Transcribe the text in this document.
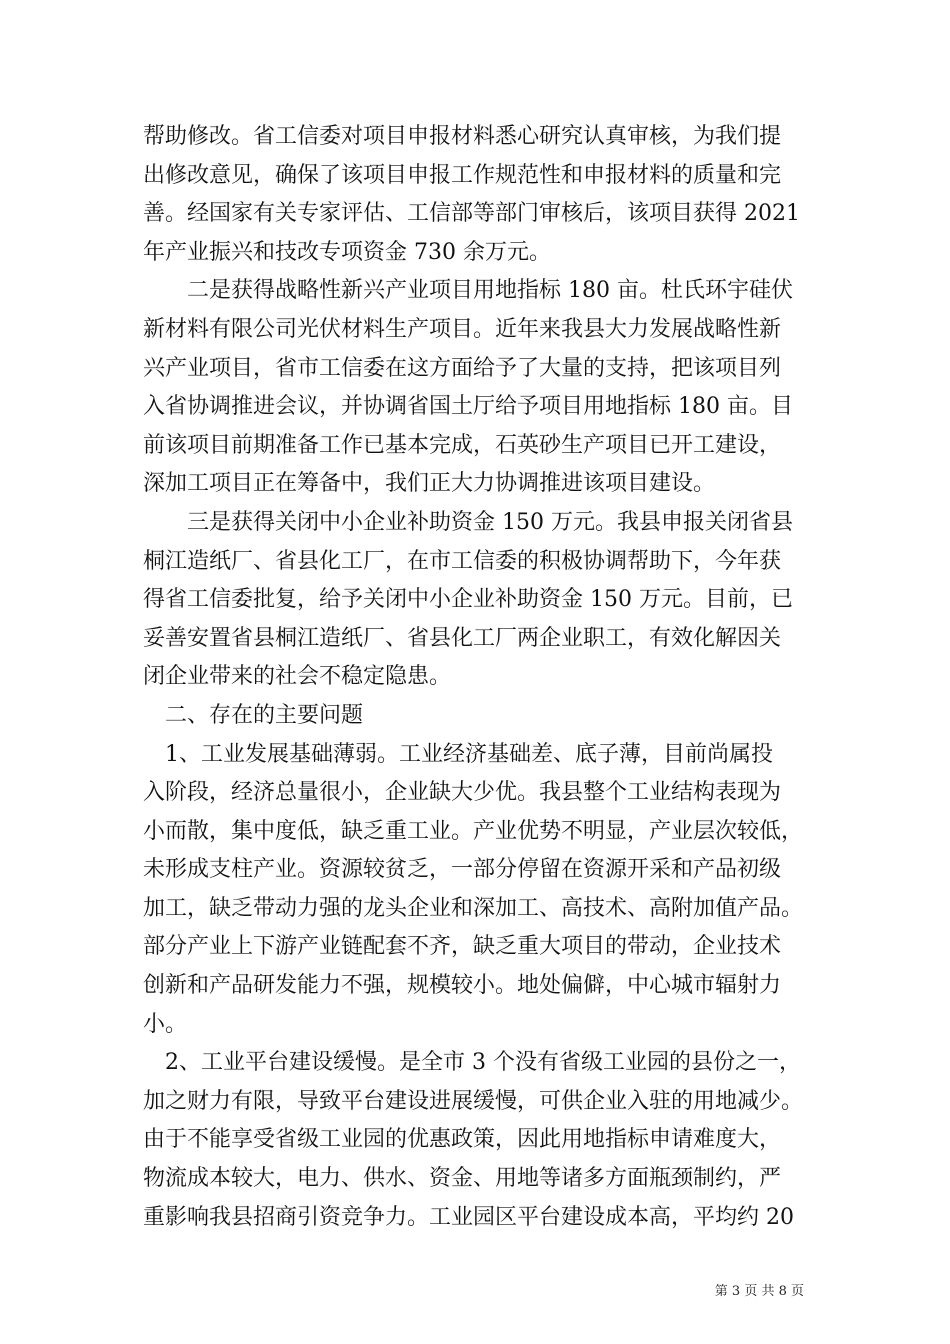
帮助修改。省工信委对项目申报材料悉心研究认真审核，为我们提
出修改意见，确保了该项目申报工作规范性和申报材料的质量和完
善。经国家有关专家评估、工信部等部门审核后，该项目获得 2021
年产业振兴和技改专项资金 730 余万元。

二是获得战略性新兴产业项目用地指标 180 亩。杜氏环宇硅伏
新材料有限公司光伏材料生产项目。近年来我县大力发展战略性新
兴产业项目，省市工信委在这方面给予了大量的支持，把该项目列
入省协调推进会议，并协调省国土厅给予项目用地指标 180 亩。目
前该项目前期准备工作已基本完成，石英砂生产项目已开工建设，
深加工项目正在筹备中，我们正大力协调推进该项目建设。

三是获得关闭中小企业补助资金 150 万元。我县申报关闭省县
桐江造纸厂、省县化工厂，在市工信委的积极协调帮助下，今年获
得省工信委批复，给予关闭中小企业补助资金 150 万元。目前，已
妥善安置省县桐江造纸厂、省县化工厂两企业职工，有效化解因关
闭企业带来的社会不稳定隐患。

二、存在的主要问题

1、工业发展基础薄弱。工业经济基础差、底子薄，目前尚属投
入阶段，经济总量很小，企业缺大少优。我县整个工业结构表现为
小而散，集中度低，缺乏重工业。产业优势不明显，产业层次较低，
未形成支柱产业。资源较贫乏，一部分停留在资源开采和产品初级
加工，缺乏带动力强的龙头企业和深加工、高技术、高附加值产品。
部分产业上下游产业链配套不齐，缺乏重大项目的带动，企业技术
创新和产品研发能力不强，规模较小。地处偏僻，中心城市辐射力
小。

2、工业平台建设缓慢。是全市 3 个没有省级工业园的县份之一，
加之财力有限，导致平台建设进展缓慢，可供企业入驻的用地减少。
由于不能享受省级工业园的优惠政策，因此用地指标申请难度大，
物流成本较大，电力、供水、资金、用地等诸多方面瓶颈制约，严
重影响我县招商引资竞争力。工业园区平台建设成本高，平均约 20

第 3 页 共 8 页
